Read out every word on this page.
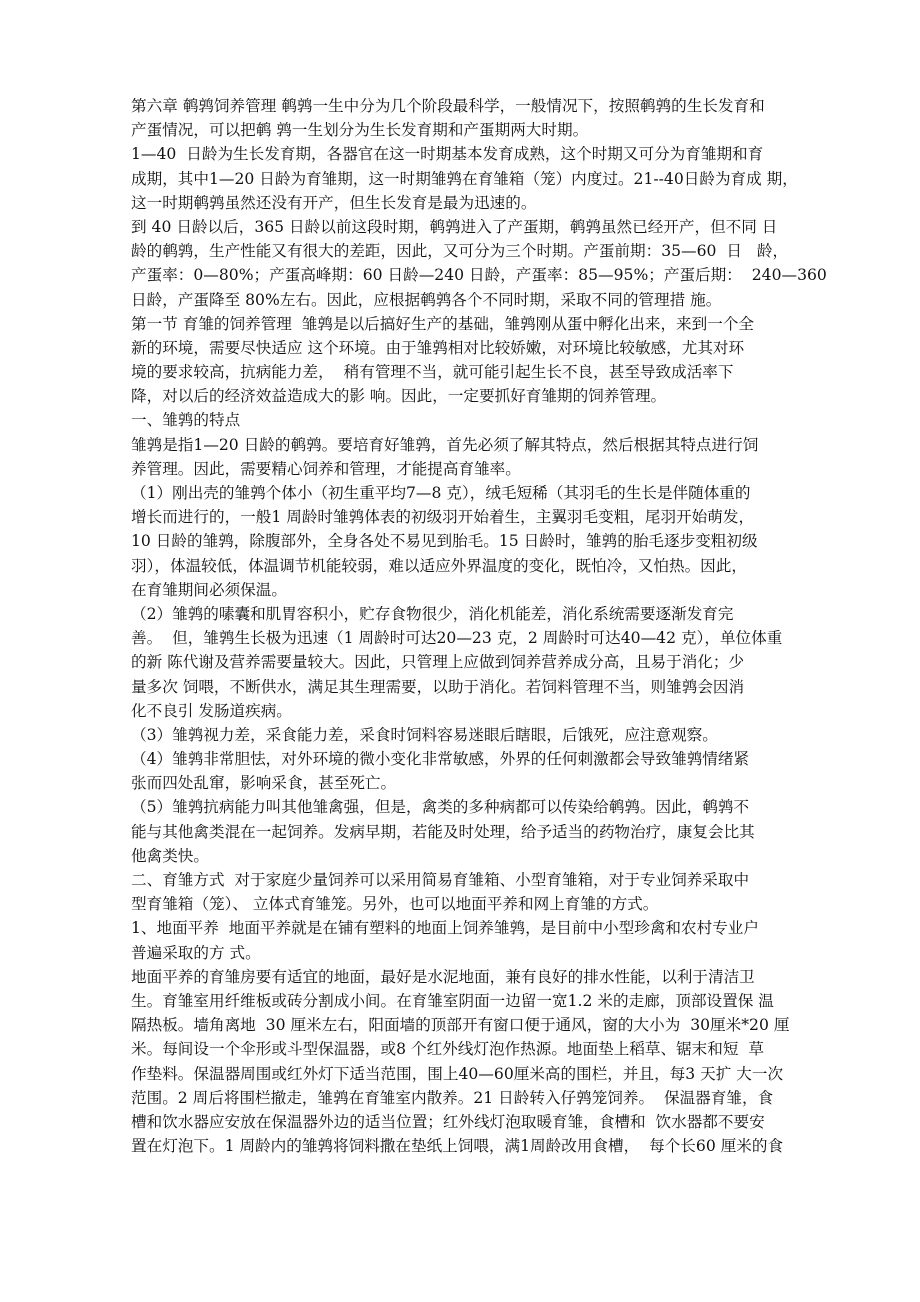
第六章 鹌鹑饲养管理 鹌鹑一生中分为几个阶段最科学，一般情况下，按照鹌鹑的生长发育和
产蛋情况，可以把鹌 鹑一生划分为生长发育期和产蛋期两大时期。
1—40  日龄为生长发育期，各器官在这一时期基本发育成熟，这个时期又可分为育雏期和育
成期，其中1—20 日龄为育雏期，这一时期雏鹑在育雏箱（笼）内度过。21--40日龄为育成 期，
这一时期鹌鹑虽然还没有开产，但生长发育是最为迅速的。
到 40 日龄以后，365 日龄以前这段时期，鹌鹑进入了产蛋期，鹌鹑虽然已经开产，但不同 日
龄的鹌鹑，生产性能又有很大的差距，因此，又可分为三个时期。产蛋前期：35—60  日   龄，
产蛋率：0—80%；产蛋高峰期：60 日龄—240 日龄，产蛋率：85—95%；产蛋后期：  240—360
日龄，产蛋降至 80%左右。因此，应根据鹌鹑各个不同时期，采取不同的管理措 施。
第一节 育雏的饲养管理  雏鹑是以后搞好生产的基础，雏鹑刚从蛋中孵化出来，来到一个全
新的环境，需要尽快适应 这个环境。由于雏鹑相对比较娇嫩，对环境比较敏感，尤其对环
境的要求较高，抗病能力差，  稍有管理不当，就可能引起生长不良，甚至导致成活率下
降，对以后的经济效益造成大的影 响。因此，一定要抓好育雏期的饲养管理。
一、雏鹑的特点
雏鹑是指1—20 日龄的鹌鹑。要培育好雏鹑，首先必须了解其特点，然后根据其特点进行饲
养管理。因此，需要精心饲养和管理，才能提高育雏率。
（1）刚出壳的雏鹑个体小（初生重平均7—8 克），绒毛短稀（其羽毛的生长是伴随体重的
增长而进行的，一般1 周龄时雏鹑体表的初级羽开始着生，主翼羽毛变粗，尾羽开始萌发，
10 日龄的雏鹑，除腹部外，全身各处不易见到胎毛。15 日龄时，雏鹑的胎毛逐步变粗初级
羽），体温较低，体温调节机能较弱，难以适应外界温度的变化，既怕冷，又怕热。因此，
在育雏期间必须保温。
（2）雏鹑的嗉囊和肌胃容积小，贮存食物很少，消化机能差，消化系统需要逐渐发育完
善。  但，雏鹑生长极为迅速（1 周龄时可达20—23 克，2 周龄时可达40—42 克），单位体重
的新 陈代谢及营养需要量较大。因此，只管理上应做到饲养营养成分高，且易于消化；少
量多次 饲喂，不断供水，满足其生理需要，以助于消化。若饲料管理不当，则雏鹑会因消
化不良引 发肠道疾病。
（3）雏鹑视力差，采食能力差，采食时饲料容易迷眼后瞎眼，后饿死，应注意观察。
（4）雏鹑非常胆怯，对外环境的微小变化非常敏感，外界的任何刺激都会导致雏鹑情绪紧
张而四处乱窜，影响采食，甚至死亡。
（5）雏鹑抗病能力叫其他雏禽强，但是，禽类的多种病都可以传染给鹌鹑。因此，鹌鹑不
能与其他禽类混在一起饲养。发病早期，若能及时处理，给予适当的药物治疗，康复会比其
他禽类快。
二、育雏方式  对于家庭少量饲养可以采用简易育雏箱、小型育雏箱，对于专业饲养采取中
型育雏箱（笼）、 立体式育雏笼。另外，也可以地面平养和网上育雏的方式。
1、地面平养  地面平养就是在铺有塑料的地面上饲养雏鹑，是目前中小型珍禽和农村专业户
普遍采取的方 式。
地面平养的育雏房要有适宜的地面，最好是水泥地面，兼有良好的排水性能，以利于清洁卫
生。育雏室用纤维板或砖分割成小间。在育雏室阴面一边留一宽1.2 米的走廊，顶部设置保 温
隔热板。墙角离地  30 厘米左右，阳面墙的顶部开有窗口便于通风，窗的大小为  30厘米*20 厘
米。每间设一个伞形或斗型保温器，或8 个红外线灯泡作热源。地面垫上稻草、锯末和短  草
作垫料。保温器周围或红外灯下适当范围，围上40—60厘米高的围栏，并且，每3 天扩 大一次
范围。2 周后将围栏撤走，雏鹑在育雏室内散养。21 日龄转入仔鹑笼饲养。  保温器育雏，食
槽和饮水器应安放在保温器外边的适当位置；红外线灯泡取暖育雏，食槽和  饮水器都不要安
置在灯泡下。1 周龄内的雏鹑将饲料撒在垫纸上饲喂，满1周龄改用食槽，  每个长60 厘米的食
